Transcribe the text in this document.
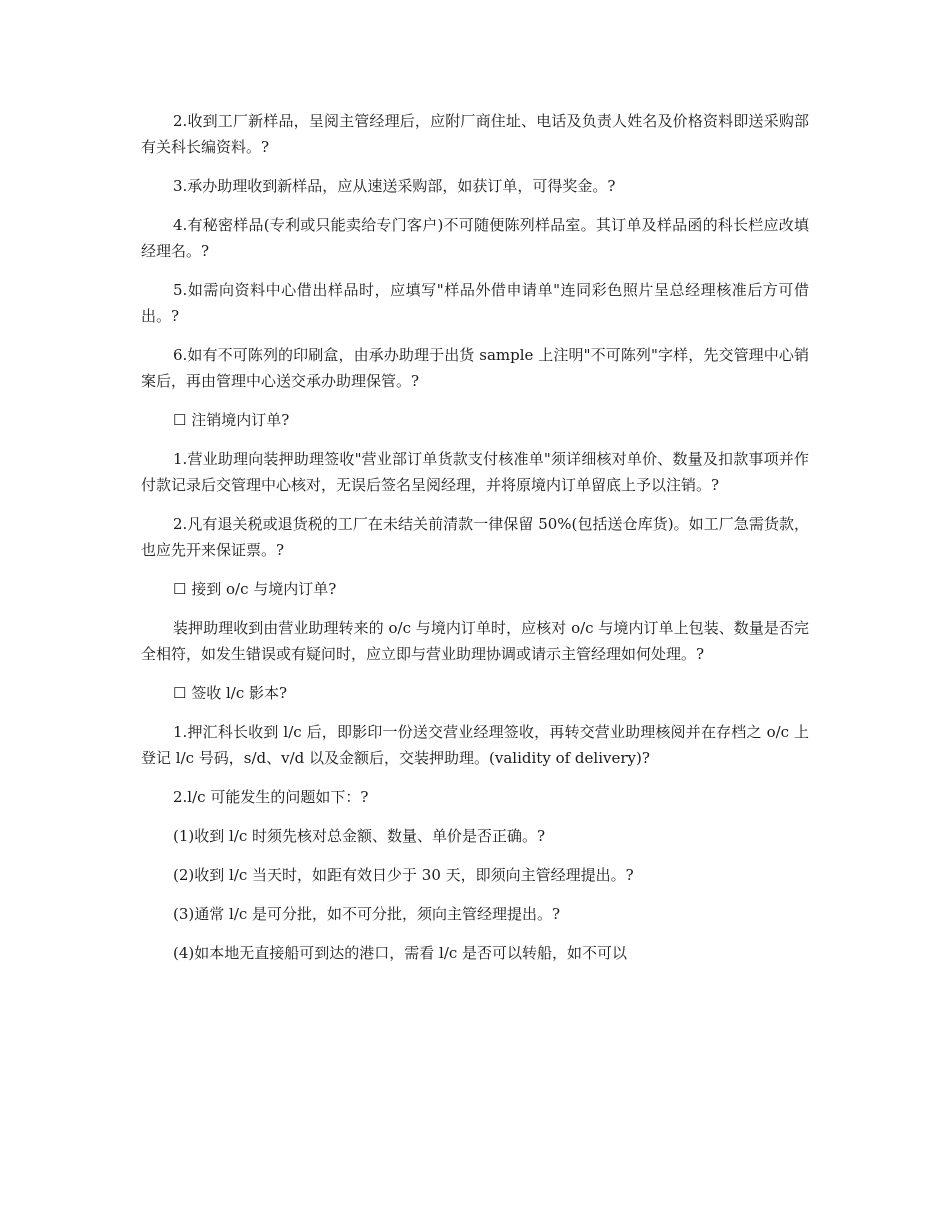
2.收到工厂新样品，呈阅主管经理后，应附厂商住址、电话及负责人姓名及价格资料即送采购部有关科长编资料。?

3.承办助理收到新样品，应从速送采购部，如获订单，可得奖金。?

4.有秘密样品(专利或只能卖给专门客户)不可随便陈列样品室。其订单及样品函的科长栏应改填经理名。?

5.如需向资料中心借出样品时，应填写"样品外借申请单"连同彩色照片呈总经理核准后方可借出。?

6.如有不可陈列的印刷盒，由承办助理于出货 sample 上注明"不可陈列"字样，先交管理中心销案后，再由管理中心送交承办助理保管。?

☐ 注销境内订单?

1.营业助理向装押助理签收"营业部订单货款支付核准单"须详细核对单价、数量及扣款事项并作付款记录后交管理中心核对，无误后签名呈阅经理，并将原境内订单留底上予以注销。?

2.凡有退关税或退货税的工厂在未结关前清款一律保留 50%(包括送仓库货)。如工厂急需货款，也应先开来保证票。?

☐ 接到 o/c 与境内订单?

装押助理收到由营业助理转来的 o/c 与境内订单时，应核对 o/c 与境内订单上包装、数量是否完全相符，如发生错误或有疑问时，应立即与营业助理协调或请示主管经理如何处理。?

☐ 签收 l/c 影本?

1.押汇科长收到 l/c 后，即影印一份送交营业经理签收，再转交营业助理核阅并在存档之 o/c 上登记 l/c 号码，s/d、v/d 以及金额后，交装押助理。(validity of delivery)?

2.l/c 可能发生的问题如下：?

(1)收到 l/c 时须先核对总金额、数量、单价是否正确。?

(2)收到 l/c 当天时，如距有效日少于 30 天，即须向主管经理提出。?

(3)通常 l/c 是可分批，如不可分批，须向主管经理提出。?

(4)如本地无直接船可到达的港口，需看 l/c 是否可以转船，如不可以
